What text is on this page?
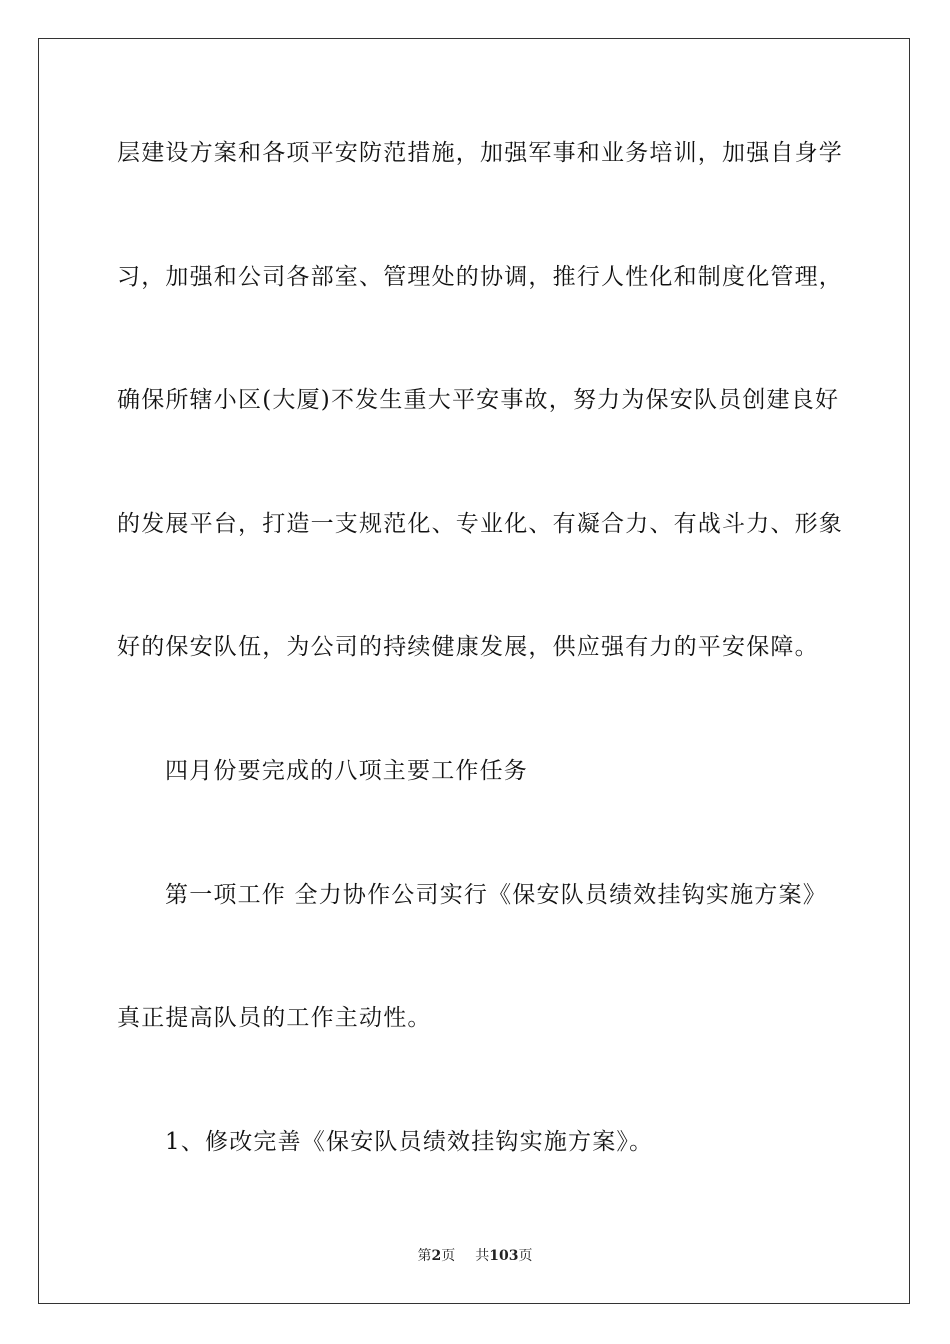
层建设方案和各项平安防范措施，加强军事和业务培训，加强自身学
习，加强和公司各部室、管理处的协调，推行人性化和制度化管理，
确保所辖小区(大厦)不发生重大平安事故，努力为保安队员创建良好
的发展平台，打造一支规范化、专业化、有凝合力、有战斗力、形象
好的保安队伍，为公司的持续健康发展，供应强有力的平安保障。
四月份要完成的八项主要工作任务
第一项工作 全力协作公司实行《保安队员绩效挂钩实施方案》
真正提高队员的工作主动性。
1、修改完善《保安队员绩效挂钩实施方案》。
第2页 共103页
